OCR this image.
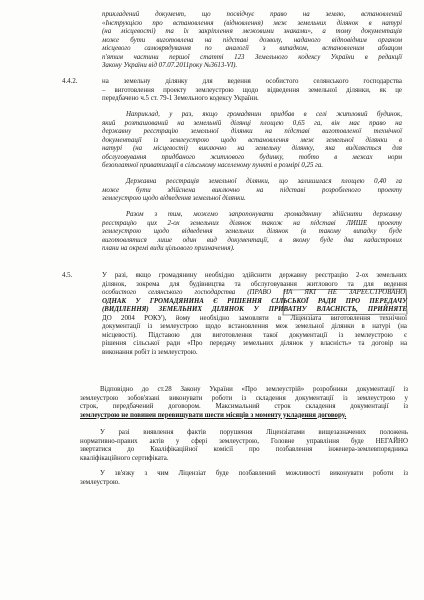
прикладений документ, що посвідчує право на землю, встановлений

«Інструкцією про встановлення (відновлення) меж земельних ділянок в натурі

(на місцевості) та їх закріплення межовими знаками», а тому документація

може бути виготовлена на підставі дозволу, наданого відповідним органом

місцевого самоврядування по аналогії з випадком, встановленим абзацом

п'ятим частини першої статті 123 Земельного кодексу України в редакції

Закону України від 07.07.2011року №3613-VI).

4.4.2.	на земельну ділянку для ведення особистого селянського господарства

– виготовлення проекту землеустрою щодо відведення земельної ділянки, як це

передбачено ч.5 ст. 79-1 Земельного кодексу України.

Наприклад, у раз, якщо громадянин придбав в селі житловий будинок,

який розташований на земельній ділянці площею 0,65 га, він має право на

державну реєстрацію земельної ділянки на підставі виготовленої технічної

документації із землеустрою щодо встановлення меж земельної ділянки в

натурі (на місцевості) виключно на земельну ділянку, яка виділяється для

обслуговування придбаного житлового будинку, тобто в межах норм

безоплатної приватизації в сільському населеному пункті в розмірі 0,25 га.

Державна реєстрація земельної ділянки, що залишилася площею 0,40 га

може бути здійснена виключно на підставі розробленого проекту

землеустрою щодо відведення земельної ділянки.

Разом з тим, можемо запропонувати громадянину здійснити державну

реєстрацію цих 2-ох земельних ділянок також на підставі ЛИШЕ проекту

землеустрою щодо відведення земельних ділянок (в такому випадку буде

виготовлятися лише один вид документації, в якому буде два кадастрових

плани на окремі види цільового призначення).

4.5.	У разі, якщо громадянину необхідно здійснити державну реєстрацію 2-ох земельних

ділянок, зокрема для будівництва та обслуговування житлового та для ведення

особистого селянського господарства (ПРАВО НА ЯКІ НЕ ЗАРЕЄСТРОВАНО,

ОДНАК У ГРОМАДЯНИНА Є РІШЕННЯ СІЛЬСЬКОЇ РАДИ ПРО ПЕРЕДАЧУ

(ВИДІЛЕННЯ) ЗЕМЕЛЬНИХ ДІЛЯНОК У ПРИВАТНУ ВЛАСНІСТЬ, ПРИЙНЯТЕ

ДО 2004 РОКУ), йому необхідно замовляти в Ліцензіата виготовлення технічної

документації із землеустрою щодо встановлення меж земельної ділянки в натурі (на

місцевості). Підставою для виготовлення такої документації із землеустрою є

рішення сільської ради «Про передачу земельних ділянок у власність» та договір на

виконання робіт із землеустрою.

Відповідно до ст.28 Закону України «Про землеустрій» розробники документації із

землеустрою зобов'язані виконувати роботи із складення документації із землеустрою у

строк, передбачений договором. Максимальний строк складення документації із

землеустрою не повинен перевищувати шести місяців з моменту укладення договору.

У разі виявлення фактів порушення Ліцензіатами вищезазначених положень

нормативно-правих актів у сфері землеустрою, Головне управління буде НЕГАЙНО

звертатися до Кваліфікаційної комісії про позбавлення інженера-землевпорядника

кваліфікаційного сертифіката.

У зв'язку з чим Ліцензіат буде позбавлений можливості виконувати роботи із

землеустрою.
